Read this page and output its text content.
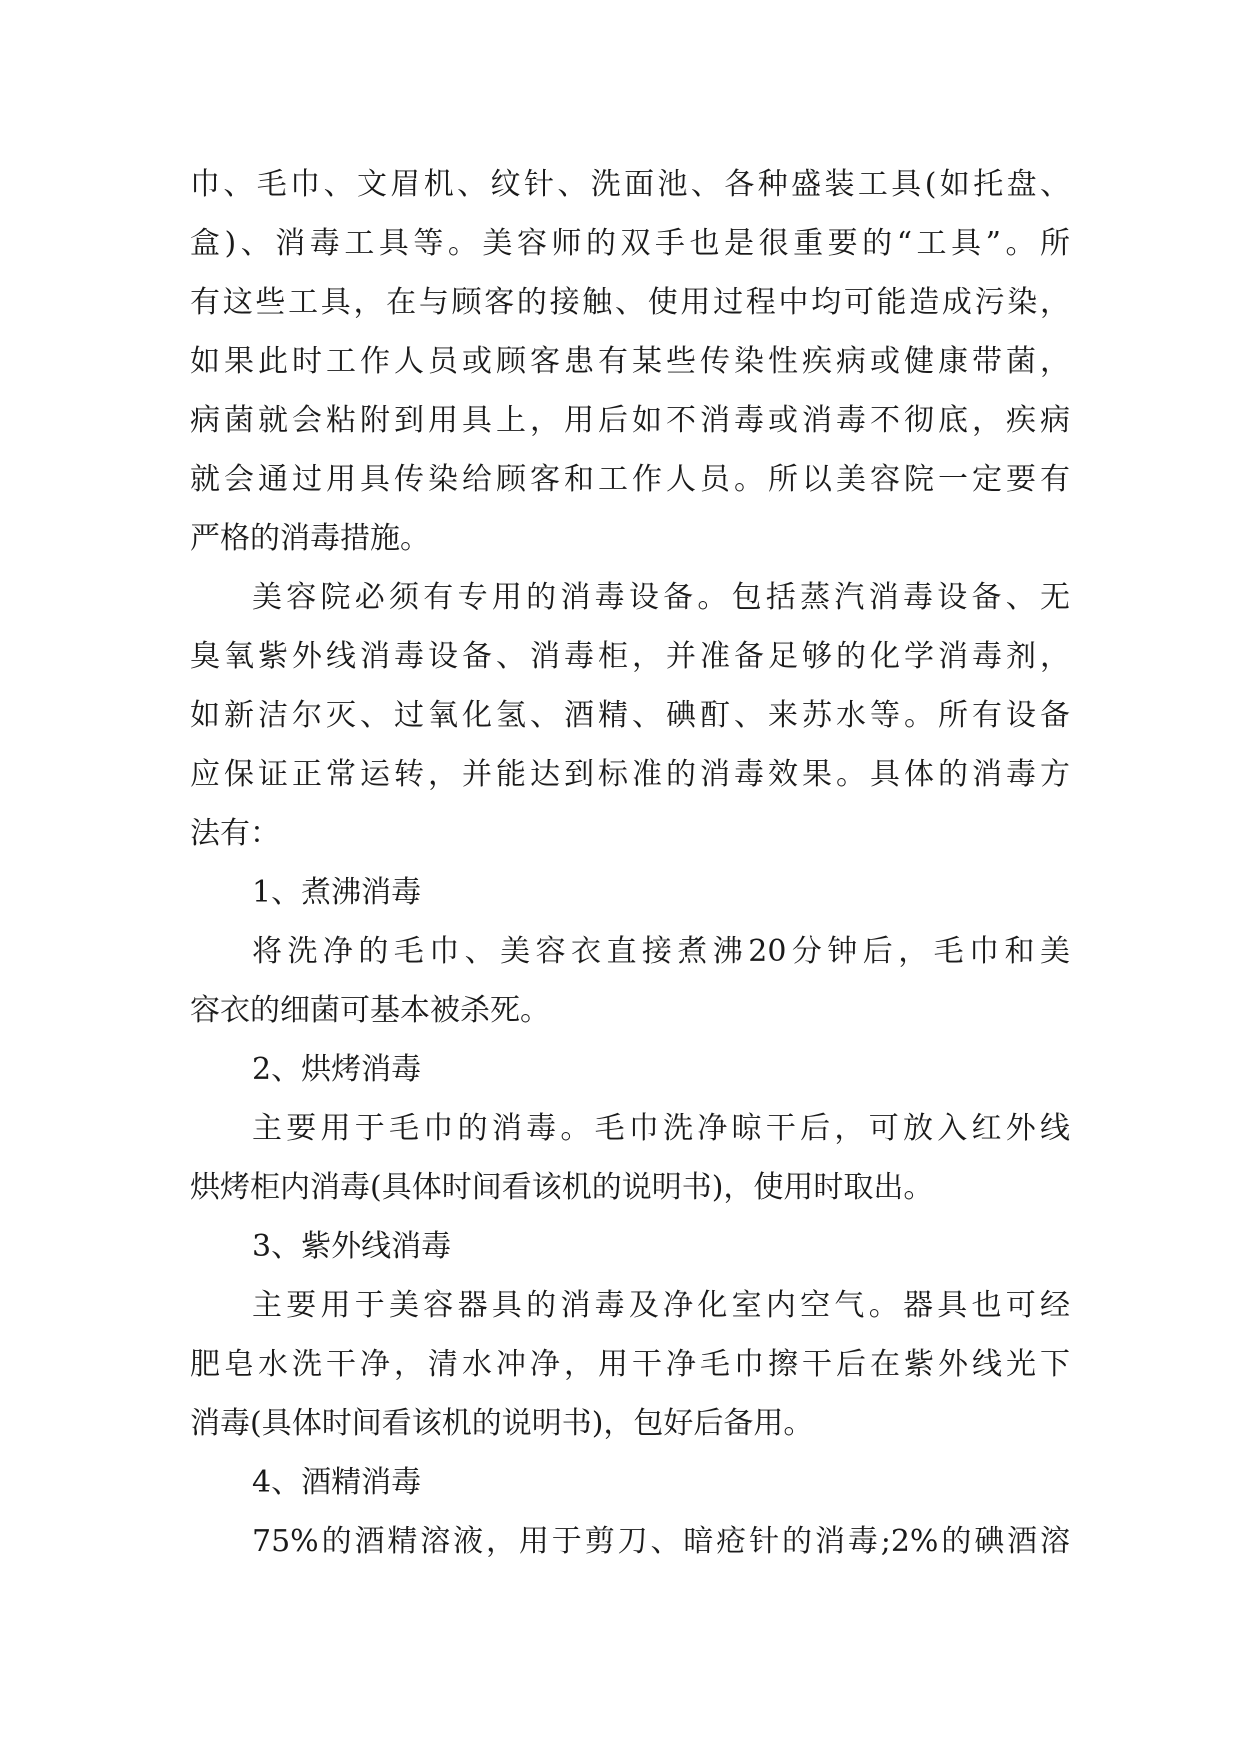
巾、毛巾、文眉机、纹针、洗面池、各种盛装工具(如托盘、
盒)、消毒工具等。美容师的双手也是很重要的“工具”。所
有这些工具，在与顾客的接触、使用过程中均可能造成污染，
如果此时工作人员或顾客患有某些传染性疾病或健康带菌，
病菌就会粘附到用具上，用后如不消毒或消毒不彻底，疾病
就会通过用具传染给顾客和工作人员。所以美容院一定要有
严格的消毒措施。
美容院必须有专用的消毒设备。包括蒸汽消毒设备、无
臭氧紫外线消毒设备、消毒柜，并准备足够的化学消毒剂，
如新洁尔灭、过氧化氢、酒精、碘酊、来苏水等。所有设备
应保证正常运转，并能达到标准的消毒效果。具体的消毒方
法有：
1、煮沸消毒
将洗净的毛巾、美容衣直接煮沸20分钟后，毛巾和美
容衣的细菌可基本被杀死。
2、烘烤消毒
主要用于毛巾的消毒。毛巾洗净晾干后，可放入红外线
烘烤柜内消毒(具体时间看该机的说明书)，使用时取出。
3、紫外线消毒
主要用于美容器具的消毒及净化室内空气。器具也可经
肥皂水洗干净，清水冲净，用干净毛巾擦干后在紫外线光下
消毒(具体时间看该机的说明书)，包好后备用。
4、酒精消毒
75%的酒精溶液，用于剪刀、暗疮针的消毒;2%的碘酒溶
